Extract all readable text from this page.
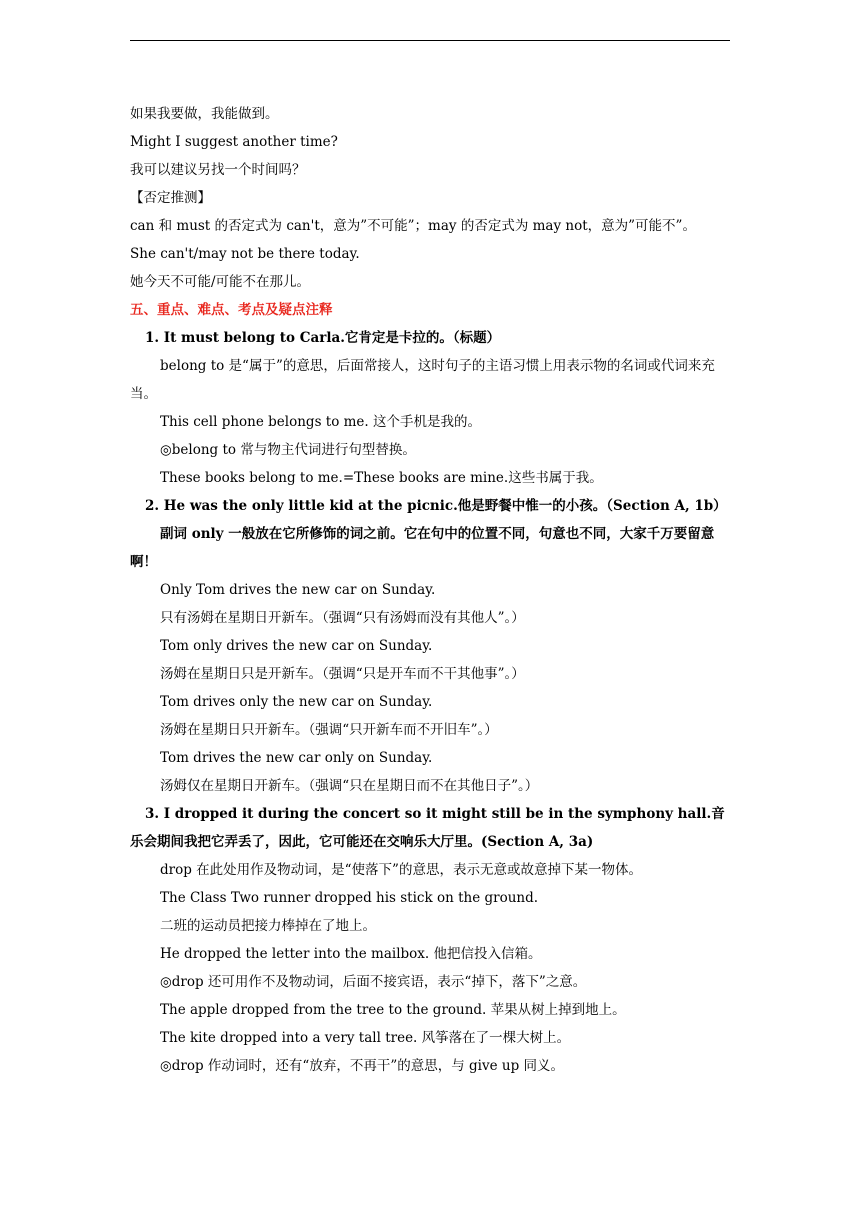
如果我要做，我能做到。
Might I suggest another time?
我可以建议另找一个时间吗？
【否定推测】
can 和 must 的否定式为 can't，意为”不可能”；may 的否定式为 may not，意为”可能不”。
She can't/may not be there today.
她今天不可能/可能不在那儿。
五、重点、难点、考点及疑点注释
1. It must belong to Carla.它肯定是卡拉的。（标题）
belong to 是“属于”的意思，后面常接人，这时句子的主语习惯上用表示物的名词或代词来充当。
This cell phone belongs to me. 这个手机是我的。
◎belong to 常与物主代词进行句型替换。
These books belong to me.=These books are mine.这些书属于我。
2. He was the only little kid at the picnic.他是野餐中惟一的小孩。（Section A, 1b）
副词 only 一般放在它所修饰的词之前。它在句中的位置不同，句意也不同，大家千万要留意啊！
Only Tom drives the new car on Sunday.
只有汤姆在星期日开新车。（强调“只有汤姆而没有其他人”。）
Tom only drives the new car on Sunday.
汤姆在星期日只是开新车。（强调“只是开车而不干其他事”。）
Tom drives only the new car on Sunday.
汤姆在星期日只开新车。（强调“只开新车而不开旧车”。）
Tom drives the new car only on Sunday.
汤姆仅在星期日开新车。（强调“只在星期日而不在其他日子”。）
3. I dropped it during the concert so it might still be in the symphony hall.音乐会期间我把它弄丢了，因此，它可能还在交响乐大厅里。(Section A, 3a)
drop 在此处用作及物动词，是“使落下”的意思，表示无意或故意掉下某一物体。
The Class Two runner dropped his stick on the ground.
二班的运动员把接力棒掉在了地上。
He dropped the letter into the mailbox. 他把信投入信箱。
◎drop 还可用作不及物动词，后面不接宾语，表示“掉下，落下”之意。
The apple dropped from the tree to the ground. 苹果从树上掉到地上。
The kite dropped into a very tall tree. 风筝落在了一棵大树上。
◎drop 作动词时，还有“放弃，不再干”的意思，与 give up 同义。
